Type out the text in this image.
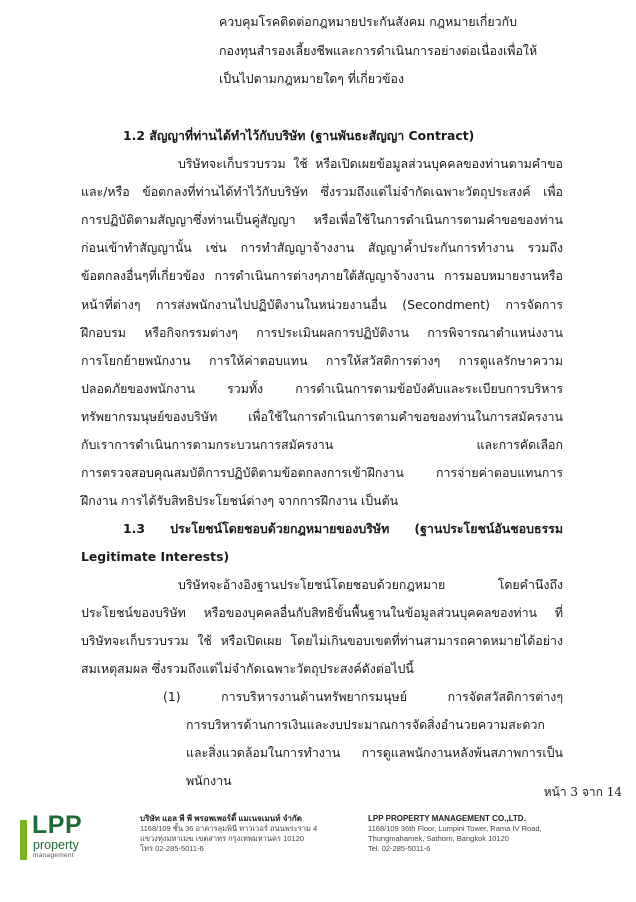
ควบคุมโรคติดต่อกฎหมายประกันสังคม กฎหมายเกี่ยวกับ
กองทุนสำรองเลี้ยงชีพและการดำเนินการอย่างต่อเนื่องเพื่อให้
เป็นไปตามกฎหมายใดๆ ที่เกี่ยวข้อง
1.2 สัญญาที่ท่านได้ทำไว้กับบริษัท (ฐานพันธะสัญญา Contract)
บริษัทจะเก็บรวบรวม ใช้ หรือเปิดเผยข้อมูลส่วนบุคคลของท่านตามคำขอ
และ/หรือ ข้อตกลงที่ท่านได้ทำไว้กับบริษัท ซึ่งรวมถึงแต่ไม่จำกัดเฉพาะวัตถุประสงค์ เพื่อ
การปฏิบัติตามสัญญาซึ่งท่านเป็นคู่สัญญา หรือเพื่อใช้ในการดำเนินการตามคำขอของท่าน
ก่อนเข้าทำสัญญานั้น เช่น การทำสัญญาจ้างงาน สัญญาค้ำประกันการทำงาน รวมถึง
ข้อตกลงอื่นๆที่เกี่ยวข้อง การดำเนินการต่างๆภายใต้สัญญาจ้างงาน การมอบหมายงานหรือ
หน้าที่ต่างๆ การส่งพนักงานไปปฏิบัติงานในหน่วยงานอื่น (Secondment) การจัดการ
ฝึกอบรม หรือกิจกรรมต่างๆ การประเมินผลการปฏิบัติงาน การพิจารณาตำแหน่งงาน
การโยกย้ายพนักงาน การให้ค่าตอบแทน การให้สวัสดิการต่างๆ การดูแลรักษาความ
ปลอดภัยของพนักงาน รวมทั้ง การดำเนินการตามข้อบังคับและระเบียบการบริหาร
ทรัพยากรมนุษย์ของบริษัท เพื่อใช้ในการดำเนินการตามคำขอของท่านในการสมัครงาน
กับเราการดำเนินการตามกระบวนการสมัครงาน และการคัดเลือก
การตรวจสอบคุณสมบัติการปฏิบัติตามข้อตกลงการเข้าฝึกงาน การจ่ายค่าตอบแทนการ
ฝึกงาน การได้รับสิทธิประโยชน์ต่างๆ จากการฝึกงาน เป็นต้น
1.3 ประโยชน์โดยชอบด้วยกฎหมายของบริษัท (ฐานประโยชน์อันชอบธรรม
Legitimate Interests)
บริษัทจะอ้างอิงฐานประโยชน์โดยชอบด้วยกฎหมาย โดยคำนึงถึง
ประโยชน์ของบริษัท หรือของบุคคลอื่นกับสิทธิขั้นพื้นฐานในข้อมูลส่วนบุคคลของท่าน ที่
บริษัทจะเก็บรวบรวม ใช้ หรือเปิดเผย โดยไม่เกินขอบเขตที่ท่านสามารถคาดหมายได้อย่าง
สมเหตุสมผล ซึ่งรวมถึงแต่ไม่จำกัดเฉพาะวัตถุประสงค์ดังต่อไปนี้
(1) การบริหารงานด้านทรัพยากรมนุษย์ การจัดสวัสดิการต่างๆ
การบริหารด้านการเงินและงบประมาณการจัดสิ่งอำนวยความสะดวก
และสิ่งแวดล้อมในการทำงาน การดูแลพนักงานหลังพ้นสภาพการเป็น
พนักงาน
หน้า 3 จาก 14
LPP
property
management
บริษัท แอล พี พี พรอพเพอร์ตี้ แมเนจเมนท์ จำกัด
1168/109 ชั้น 36 อาคารลุมพินี ทาวเวอร์ ถนนพระราม 4
แขวงทุ่งมหาเมฆ เขตสาทร กรุงเทพมหานคร 10120
โทร 02-285-5011-6
LPP PROPERTY MANAGEMENT CO.,LTD.
1168/109 36th Floor, Lumpini Tower, Rama IV Road,
Thungmahamek, Sathorn, Bangkok 10120
Tel. 02-285-5011-6
